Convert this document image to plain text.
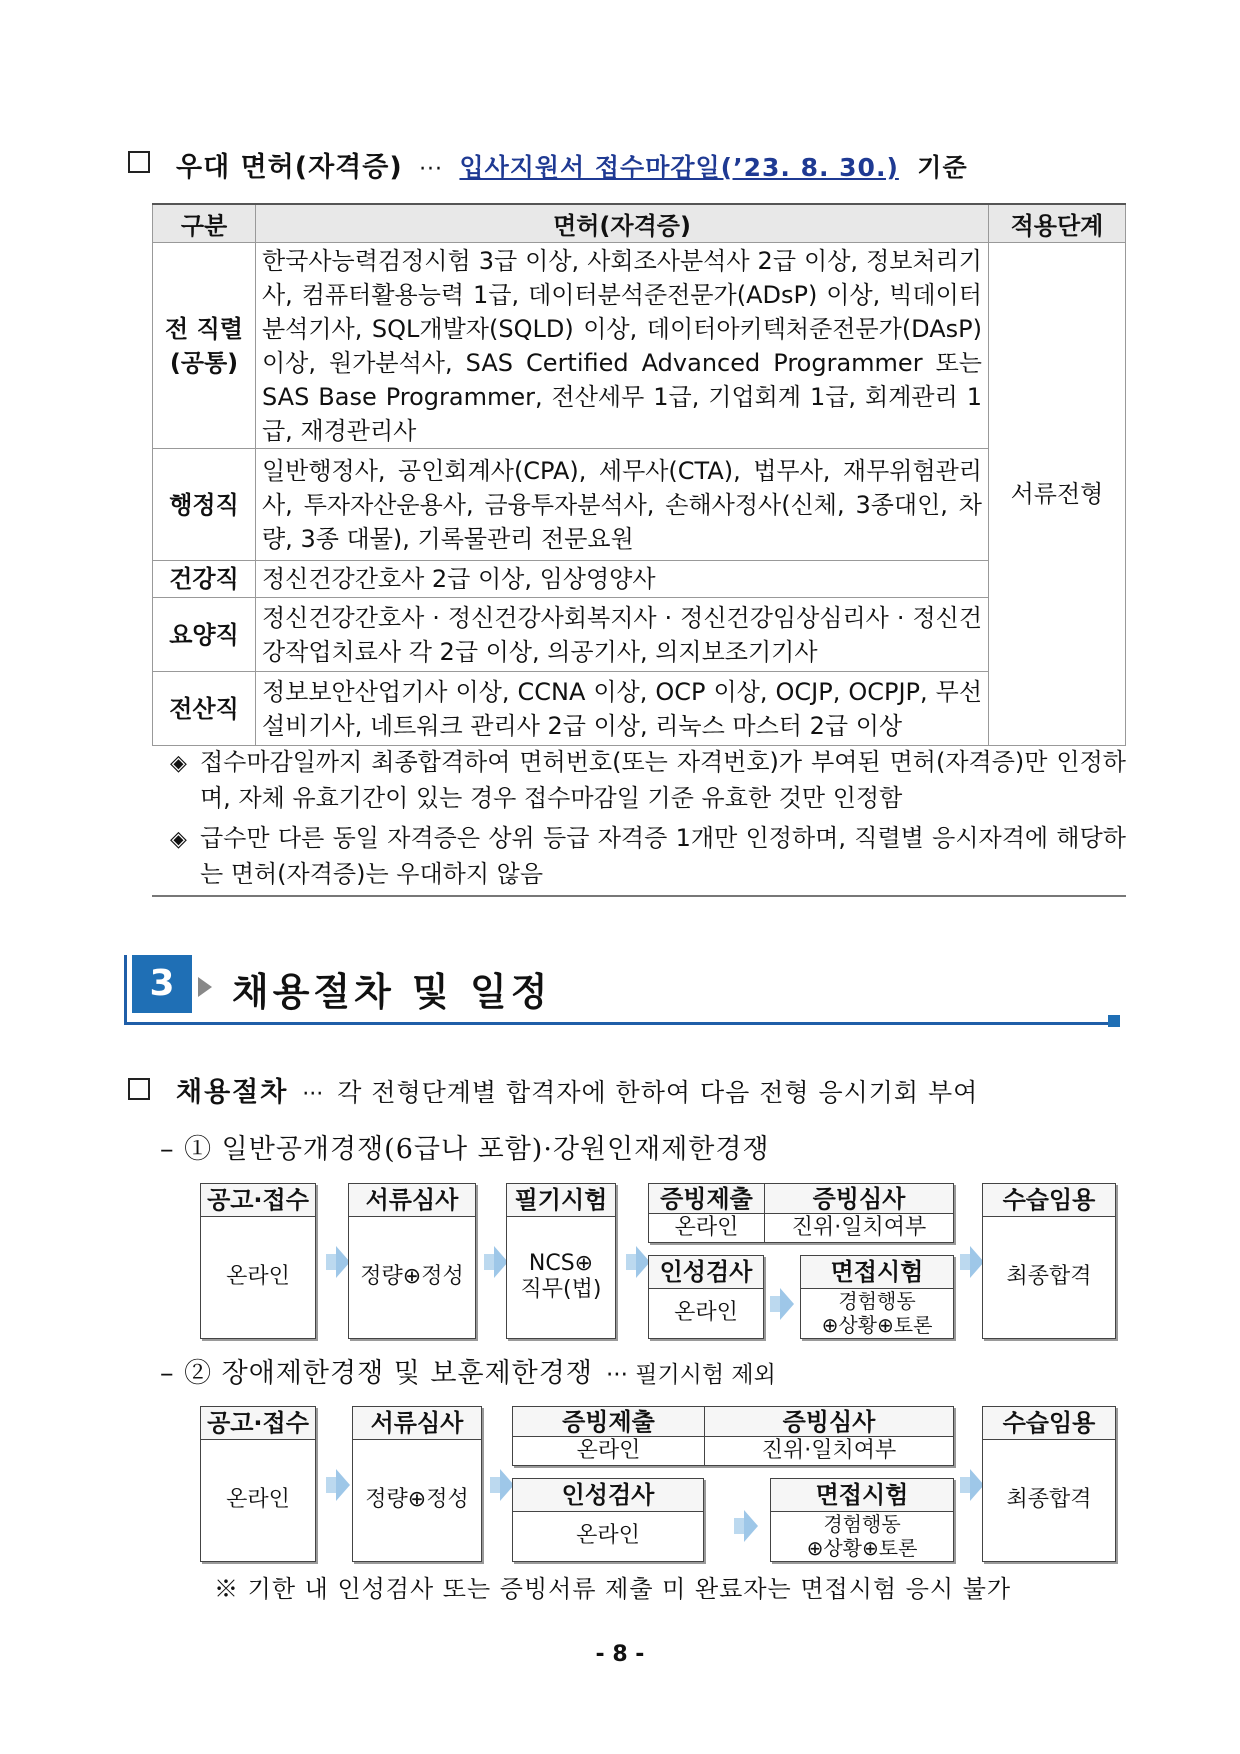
우대 면허(자격증) ··· 입사지원서 접수마감일(’23. 8. 30.) 기준
구분	면허(자격증)	적용단계
전 직렬
(공통)	한국사능력검정시험 3급 이상, 사회조사분석사 2급 이상, 정보처리기사, 컴퓨터활용능력 1급, 데이터분석준전문가(ADsP) 이상, 빅데이터분석기사, SQL개발자(SQLD) 이상, 데이터아키텍처준전문가(DAsP) 이상, 원가분석사, SAS Certified Advanced Programmer 또는 SAS Base Programmer, 전산세무 1급, 기업회계 1급, 회계관리 1급, 재경관리사	서류전형
행정직	일반행정사, 공인회계사(CPA), 세무사(CTA), 법무사, 재무위험관리사, 투자자산운용사, 금융투자분석사, 손해사정사(신체, 3종대인, 차량, 3종 대물), 기록물관리 전문요원	
건강직	정신건강간호사 2급 이상, 임상영양사	
요양직	정신건강간호사 · 정신건강사회복지사 · 정신건강임상심리사 · 정신건강작업치료사 각 2급 이상, 의공기사, 의지보조기기사	
전산직	정보보안산업기사 이상, CCNA 이상, OCP 이상, OCJP, OCPJP, 무선설비기사, 네트워크 관리사 2급 이상, 리눅스 마스터 2급 이상	
◈ 접수마감일까지 최종합격하여 면허번호(또는 자격번호)가 부여된 면허(자격증)만 인정하며, 자체 유효기간이 있는 경우 접수마감일 기준 유효한 것만 인정함
◈ 급수만 다른 동일 자격증은 상위 등급 자격증 1개만 인정하며, 직렬별 응시자격에 해당하는 면허(자격증)는 우대하지 않음
3	채용절차 및 일정
채용절차 ··· 각 전형단계별 합격자에 한하여 다음 전형 응시기회 부여
– ① 일반공개경쟁(6급나 포함)·강원인재제한경쟁
공고·접수
온라인
서류심사
정량⊕정성
필기시험
NCS⊕
직무(법)
증빙제출	증빙심사
온라인	진위·일치여부
인성검사
온라인
면접시험
경험행동
⊕상황⊕토론
수습임용
최종합격
– ② 장애제한경쟁 및 보훈제한경쟁 ··· 필기시험 제외
공고·접수
온라인
서류심사
정량⊕정성
증빙제출	증빙심사
온라인	진위·일치여부
인성검사
온라인
면접시험
경험행동
⊕상황⊕토론
수습임용
최종합격
※ 기한 내 인성검사 또는 증빙서류 제출 미 완료자는 면접시험 응시 불가
- 8 -
